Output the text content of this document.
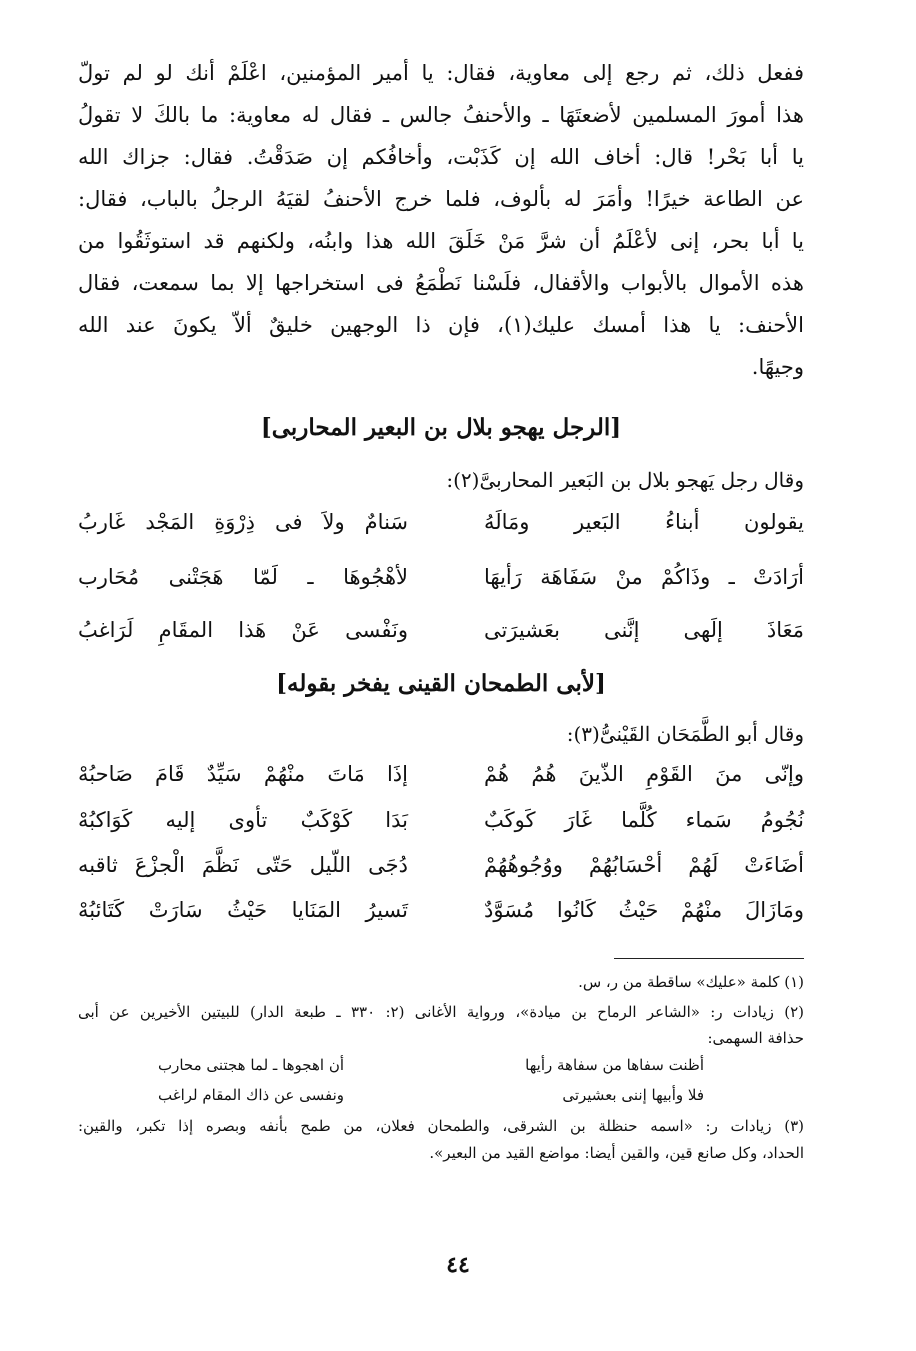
ففعل ذلك، ثم رجع إلى معاوية، فقال: يا أمير المؤمنين، اعْلَمْ أنك لو لم تولّ
هذا أمورَ المسلمين لأضعتَهَا ـ والأحنفُ جالس ـ فقال له معاوية: ما بالكَ لا تقولُ
يا أبا بَحْر! قال: أخاف الله إن كَذَبْت، وأخافُكم إن صَدَقْتُ. فقال: جزاك الله
عن الطاعة خيرًا! وأمَرَ له بألوف، فلما خرج الأحنفُ لقيَهُ الرجلُ بالباب، فقال:
يا أبا بحر، إنى لأعْلَمُ أن شرَّ مَنْ خَلَقَ الله هذا وابنُه، ولكنهم قد استوثَقُوا من
هذه الأموال بالأبواب والأقفال، فلَسْنا نَطْمَعُ فى استخراجها إلا بما سمعت، فقال
الأحنف: يا هذا أمسك عليك(١)، فإن ذا الوجهين خليقٌ ألاّ يكونَ عند الله
وجيهًا.
[الرجل يهجو بلال بن البعير المحاربى]
وقال رجل يَهجو بلال بن البَعير المحاربىَّ(٢):
يقولون أبناءُ البَعير ومَالَهُ
سَنامٌ ولاَ فى ذِرْوَةِ المَجْد غَاربُ
أرَادَتْ ـ وذَاكُمْ منْ سَفَاهَة رَأيهَا
لأهْجُوهَا ـ لَمّا هَجَتْنى مُحَارب
مَعَاذَ إلَهى إنَّنى بعَشيرَتى
ونَفْسى عَنْ هَذا المقَامِ لَرَاغبُ
[لأبى الطمحان القينى يفخر بقوله]
وقال أبو الطَّمَحَان القَيْنىُّ(٣):
وإنّى منَ القَوْمِ الذّينَ هُمُ هُمْ
إذَا مَاتَ منْهُمْ سَيِّدٌ قَامَ صَاحبُهْ
نُجُومُ سَماء كُلَّما غَارَ كَوكَبٌ
بَدَا كَوْكَبٌ تأوى إليه كَوَاكبُهْ
أضَاءَتْ لَهُمْ أحْسَابُهُمْ ووُجُوهُهُمْ
دُجَى اللّيل حَتّى نَظَّمَ الْجزْعَ ثاقبه
ومَازَالَ منْهُمْ حَيْثُ كَانُوا مُسَوَّدٌ
تَسيرُ المَنَايا حَيْثُ سَارَتْ كَتَائبُهْ
(١) كلمة «عليك» ساقطة من ر، س.
(٢) زيادات ر: «الشاعر الرماح بن ميادة»، ورواية الأغانى (٢: ٣٣٠ ـ طبعة الدار) للبيتين الأخيرين عن أبى
حذافة السهمى:
أظنت سفاها من سفاهة رأيها
أن اهجوها ـ لما هجتنى محارب
فلا وأبيها إننى بعشيرتى
ونفسى عن ذاك المقام لراغب
(٣) زيادات ر: «اسمه حنظلة بن الشرقى، والطمحان فعلان، من طمح بأنفه وبصره إذا تكبر، والقين:
الحداد، وكل صانع قين، والقين أيضا: مواضع القيد من البعير».
٤٤
